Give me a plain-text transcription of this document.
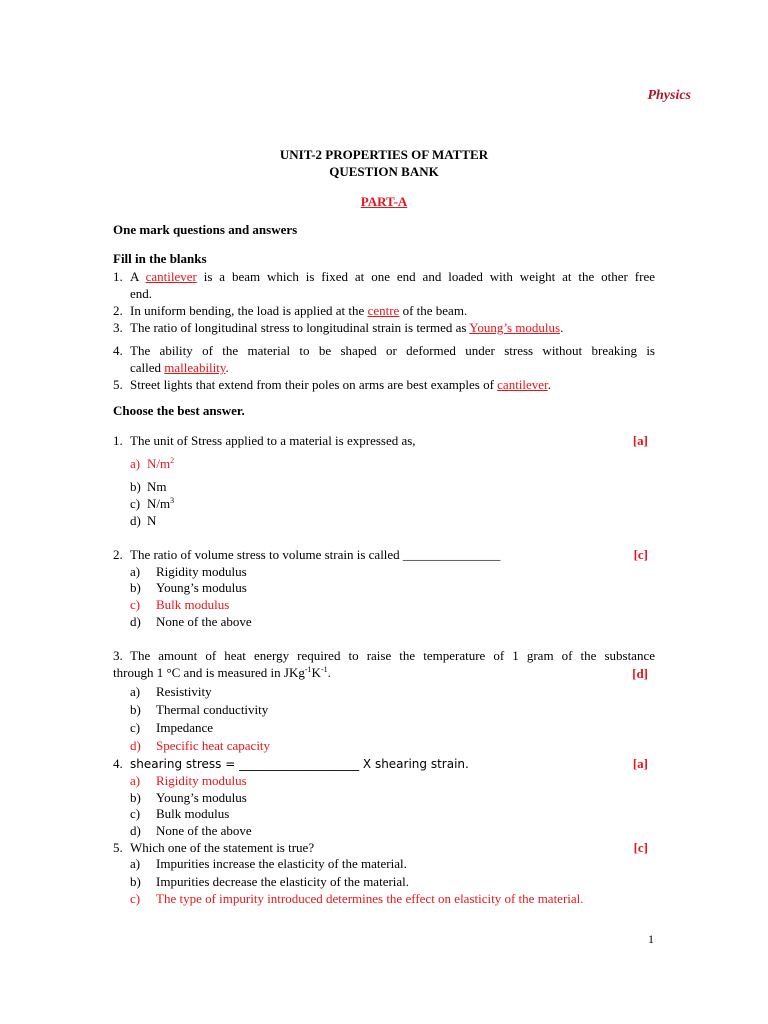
Physics
UNIT-2 PROPERTIES OF MATTER
QUESTION BANK
PART-A
One mark questions and answers
Fill in the blanks
1. A cantilever is a beam which is fixed at one end and loaded with weight at the other free
end.
2. In uniform bending, the load is applied at the centre of the beam.
3. The ratio of longitudinal stress to longitudinal strain is termed as Young’s modulus.
4. The ability of the material to be shaped or deformed under stress without breaking is
called malleability.
5. Street lights that extend from their poles on arms are best examples of cantilever.
Choose the best answer.
1. The unit of Stress applied to a material is expressed as,	[a]
a) $N/m^2$
b) Nm
c) $N/m^3$
d) N
2. The ratio of volume stress to volume strain is called _______________	[c]
a) Rigidity modulus
b) Young’s modulus
c) Bulk modulus
d) None of the above
3. The amount of heat energy required to raise the temperature of 1 gram of the substance
through 1 °C and is measured in $JKg^{-1}K^{-1}$.	[d]
a) Resistivity
b) Thermal conductivity
c) Impedance
d) Specific heat capacity
4. shearing stress = ____________________ X shearing strain.	[a]
a) Rigidity modulus
b) Young’s modulus
c) Bulk modulus
d) None of the above
5. Which one of the statement is true?	[c]
a) Impurities increase the elasticity of the material.
b) Impurities decrease the elasticity of the material.
c) The type of impurity introduced determines the effect on elasticity of the material.
1
